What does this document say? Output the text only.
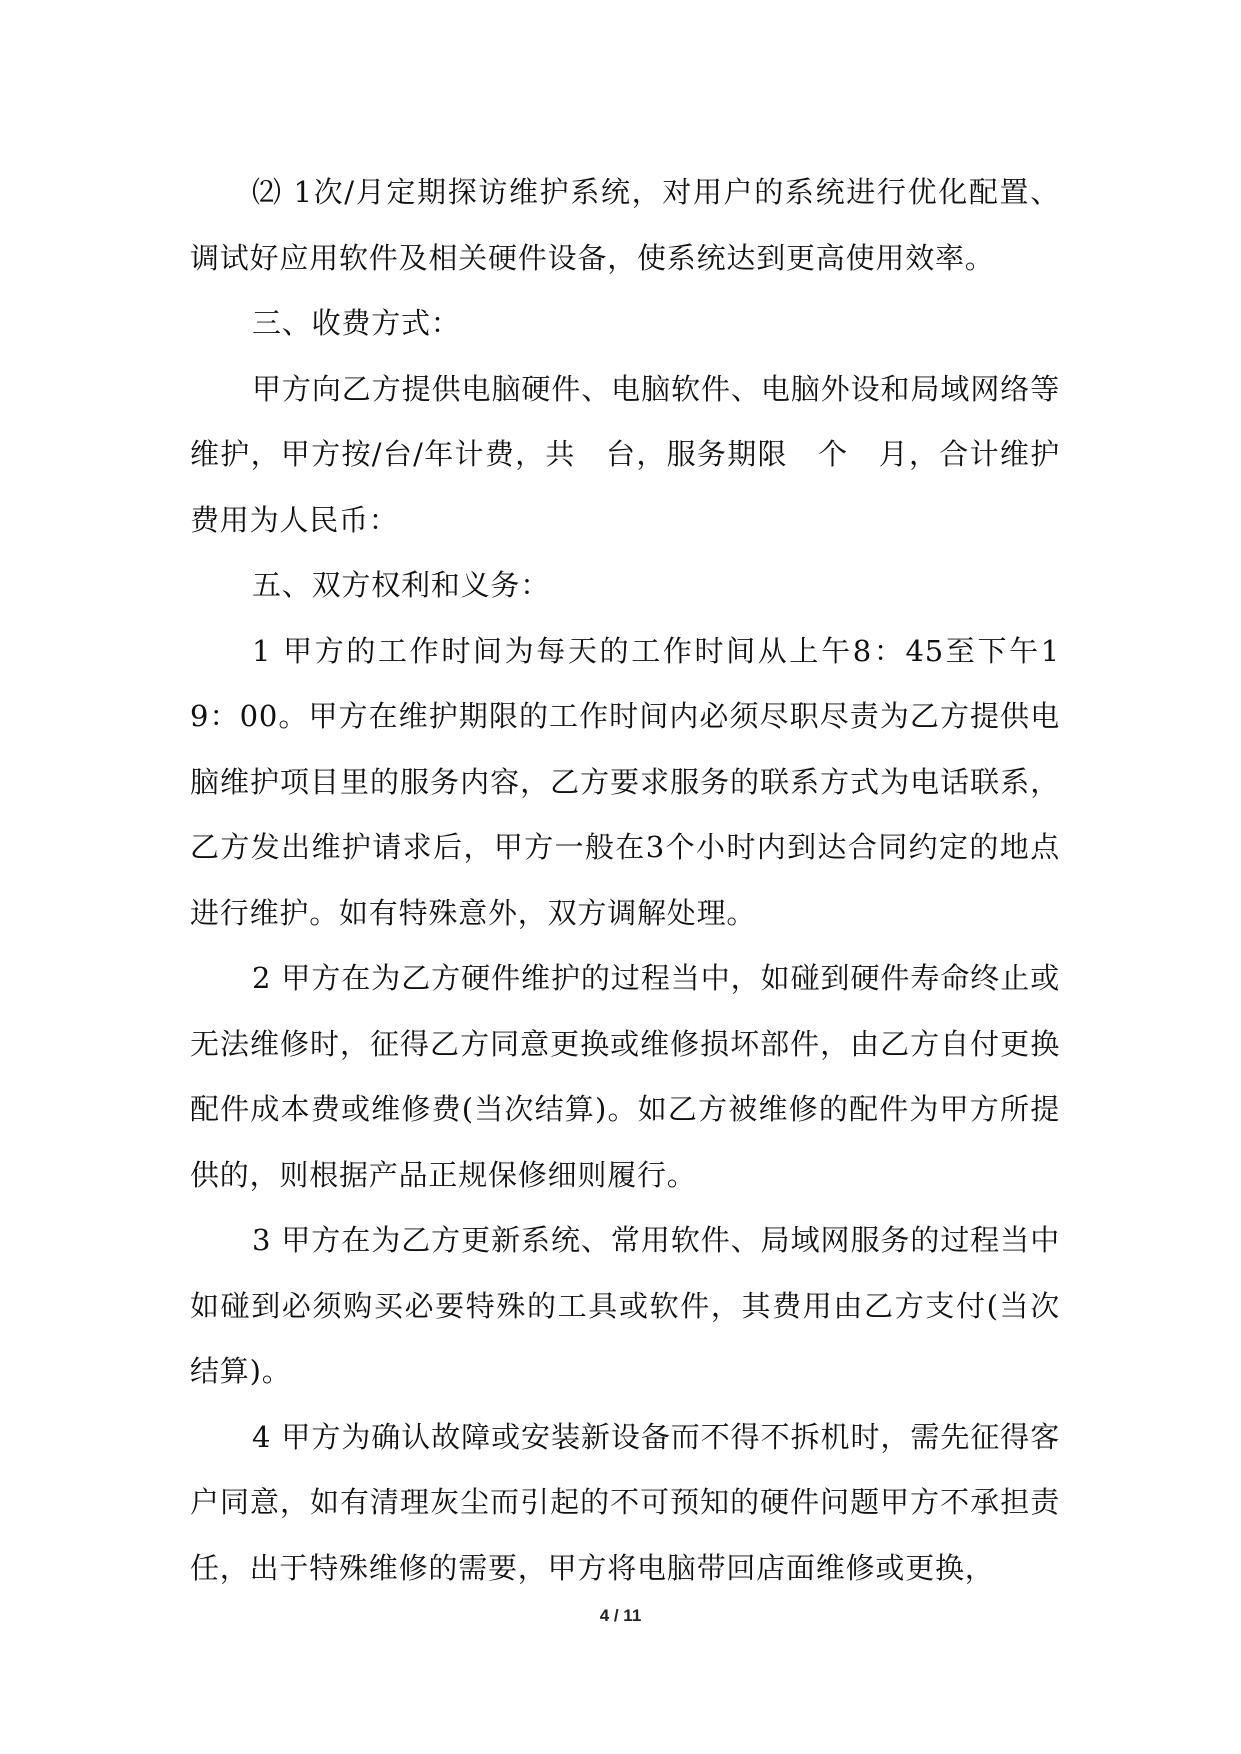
⑵ 1次/月定期探访维护系统，对用户的系统进行优化配置、调试好应用软件及相关硬件设备，使系统达到更高使用效率。

三、收费方式：

甲方向乙方提供电脑硬件、电脑软件、电脑外设和局域网络等维护，甲方按/台/年计费，共　台，服务期限　个　月，合计维护费用为人民币：

五、双方权利和义务：

1 甲方的工作时间为每天的工作时间从上午8：45至下午19：00。甲方在维护期限的工作时间内必须尽职尽责为乙方提供电脑维护项目里的服务内容，乙方要求服务的联系方式为电话联系，乙方发出维护请求后，甲方一般在3个小时内到达合同约定的地点进行维护。如有特殊意外，双方调解处理。

2 甲方在为乙方硬件维护的过程当中，如碰到硬件寿命终止或无法维修时，征得乙方同意更换或维修损坏部件，由乙方自付更换配件成本费或维修费(当次结算)。如乙方被维修的配件为甲方所提供的，则根据产品正规保修细则履行。

3 甲方在为乙方更新系统、常用软件、局域网服务的过程当中如碰到必须购买必要特殊的工具或软件，其费用由乙方支付(当次结算)。

4 甲方为确认故障或安装新设备而不得不拆机时，需先征得客户同意，如有清理灰尘而引起的不可预知的硬件问题甲方不承担责任，出于特殊维修的需要，甲方将电脑带回店面维修或更换，

4 / 11
